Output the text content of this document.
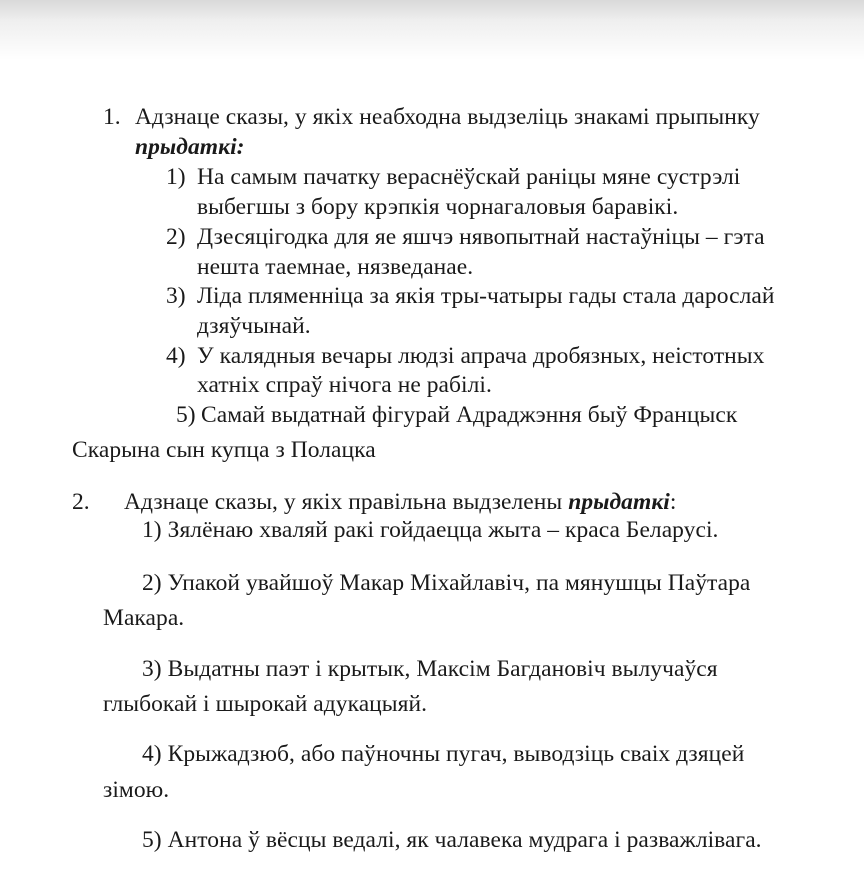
1. Адзнаце сказы, у якіх неабходна выдзеліць знакамі прыпынку
прыдаткі:
1) На самым пачатку вераснёўскай раніцы мяне сустрэлі
выбегшы з бору крэпкія чорнагаловыя баравікі.
2) Дзесяцігодка для яе яшчэ нявопытнай настаўніцы – гэта
нешта таемнае, нязведанае.
3) Ліда пляменніца за якія тры-чатыры гады стала дарослай
дзяўчынай.
4) У калядныя вечары людзі апрача дробязных, неістотных
хатніх спраў нічога не рабілі.
5) Самай выдатнай фігурай Адраджэння быў Францыск
Скарына сын купца з Полацка
2. Адзнаце сказы, у якіх правільна выдзелены прыдаткі:
1) Зялёнаю хваляй ракі гойдаецца жыта – краса Беларусі.
2) Упакой увайшоў Макар Міхайлавіч, па мянушцы Паўтара
Макара.
3) Выдатны паэт і крытык, Максім Багдановіч вылучаўся
глыбокай і шырокай адукацыяй.
4) Крыжадзюб, або паўночны пугач, выводзіць сваіх дзяцей
зімою.
5) Антона ў вёсцы ведалі, як чалавека мудрага і разважлівага.
